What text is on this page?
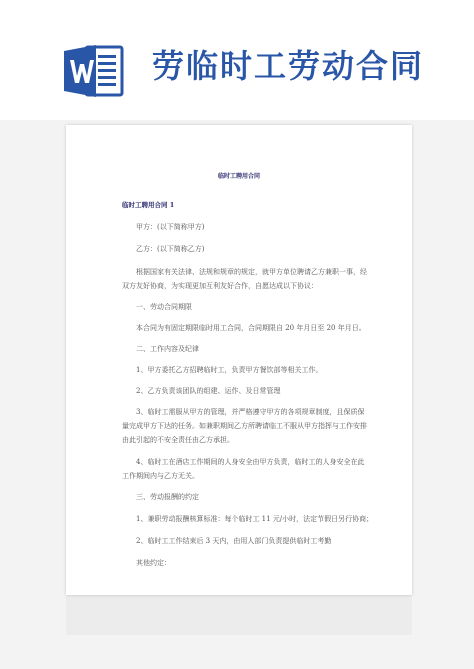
劳临时工劳动合同
临时工聘用合同
临时工聘用合同 1
甲方：(以下简称甲方)
乙方：(以下简称乙方)
根据国家有关法律、法规和规章的规定，就甲方单位聘请乙方兼职一事，经
双方友好协商，为实现更加互利友好合作，自愿达成以下协议：
一、劳动合同期限
本合同为有固定期限临时用工合同，合同期限自 20 年月日至 20 年月日。
二、工作内容及纪律
1、甲方委托乙方招聘临时工，负责甲方餐饮部等相关工作。
2、乙方负责该团队的组建、运作、及日常管理
3、临时工需服从甲方的管理，并严格遵守甲方的各项规章制度，且保质保
量完成甲方下达的任务。如兼职期间乙方所聘请临工不服从甲方指挥与工作安排
由此引起的不安全责任由乙方承担。
4、临时工在酒店工作期间的人身安全由甲方负责，临时工的人身安全在此
工作期间内与乙方无关。
三、劳动报酬的约定
1、兼职劳动报酬核算标准：每个临时工 11 元/小时，法定节假日另行协商；
2、临时工工作结束后 3 天内，由用人部门负责提供临时工考勤
其他约定：
